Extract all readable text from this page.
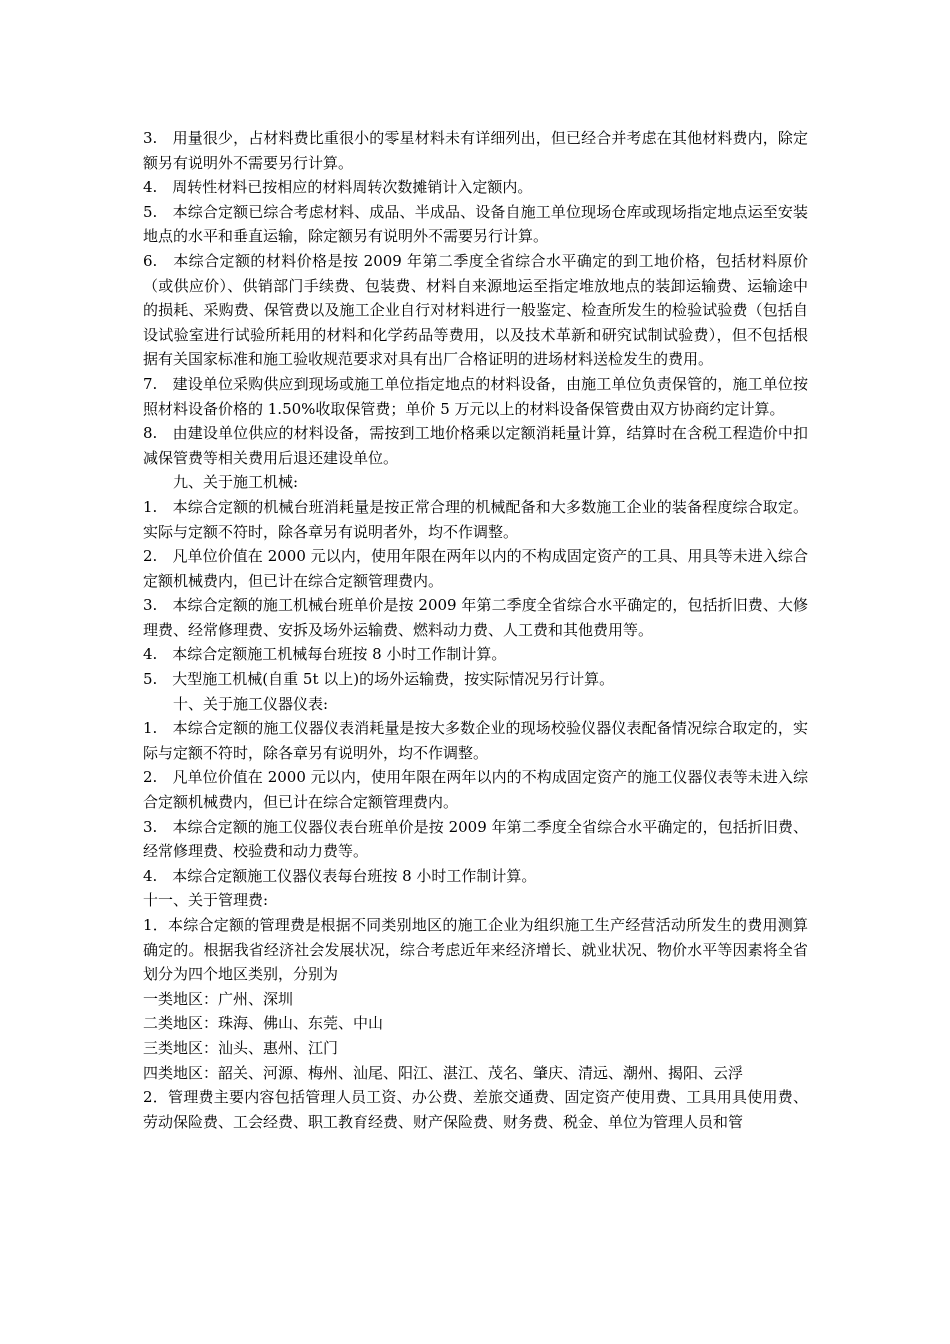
3.　用量很少，占材料费比重很小的零星材料未有详细列出，但已经合并考虑在其他材料费内，除定额另有说明外不需要另行计算。

4.　周转性材料已按相应的材料周转次数摊销计入定额内。

5.　本综合定额已综合考虑材料、成品、半成品、设备自施工单位现场仓库或现场指定地点运至安装地点的水平和垂直运输，除定额另有说明外不需要另行计算。

6.　本综合定额的材料价格是按 2009 年第二季度全省综合水平确定的到工地价格，包括材料原价（或供应价）、供销部门手续费、包装费、材料自来源地运至指定堆放地点的装卸运输费、运输途中的损耗、采购费、保管费以及施工企业自行对材料进行一般鉴定、检查所发生的检验试验费（包括自设试验室进行试验所耗用的材料和化学药品等费用，以及技术革新和研究试制试验费），但不包括根据有关国家标准和施工验收规范要求对具有出厂合格证明的进场材料送检发生的费用。

7.　建设单位采购供应到现场或施工单位指定地点的材料设备，由施工单位负责保管的，施工单位按照材料设备价格的 1.50%收取保管费；单价 5 万元以上的材料设备保管费由双方协商约定计算。

8.　由建设单位供应的材料设备，需按到工地价格乘以定额消耗量计算，结算时在含税工程造价中扣减保管费等相关费用后退还建设单位。

九、关于施工机械:

1.　本综合定额的机械台班消耗量是按正常合理的机械配备和大多数施工企业的装备程度综合取定。实际与定额不符时，除各章另有说明者外，均不作调整。

2.　凡单位价值在 2000 元以内，使用年限在两年以内的不构成固定资产的工具、用具等未进入综合定额机械费内，但已计在综合定额管理费内。

3.　本综合定额的施工机械台班单价是按 2009 年第二季度全省综合水平确定的，包括折旧费、大修理费、经常修理费、安拆及场外运输费、燃料动力费、人工费和其他费用等。

4.　本综合定额施工机械每台班按 8 小时工作制计算。

5.　大型施工机械(自重 5t 以上)的场外运输费，按实际情况另行计算。

十、关于施工仪器仪表:

1.　本综合定额的施工仪器仪表消耗量是按大多数企业的现场校验仪器仪表配备情况综合取定的，实际与定额不符时，除各章另有说明外，均不作调整。

2.　凡单位价值在 2000 元以内，使用年限在两年以内的不构成固定资产的施工仪器仪表等未进入综合定额机械费内，但已计在综合定额管理费内。

3.　本综合定额的施工仪器仪表台班单价是按 2009 年第二季度全省综合水平确定的，包括折旧费、经常修理费、校验费和动力费等。

4.　本综合定额施工仪器仪表每台班按 8 小时工作制计算。

十一、关于管理费:

1．本综合定额的管理费是根据不同类别地区的施工企业为组织施工生产经营活动所发生的费用测算确定的。根据我省经济社会发展状况，综合考虑近年来经济增长、就业状况、物价水平等因素将全省划分为四个地区类别，分别为

一类地区：广州、深圳

二类地区：珠海、佛山、东莞、中山

三类地区：汕头、惠州、江门

四类地区：韶关、河源、梅州、汕尾、阳江、湛江、茂名、肇庆、清远、潮州、揭阳、云浮

2．管理费主要内容包括管理人员工资、办公费、差旅交通费、固定资产使用费、工具用具使用费、劳动保险费、工会经费、职工教育经费、财产保险费、财务费、税金、单位为管理人员和管
